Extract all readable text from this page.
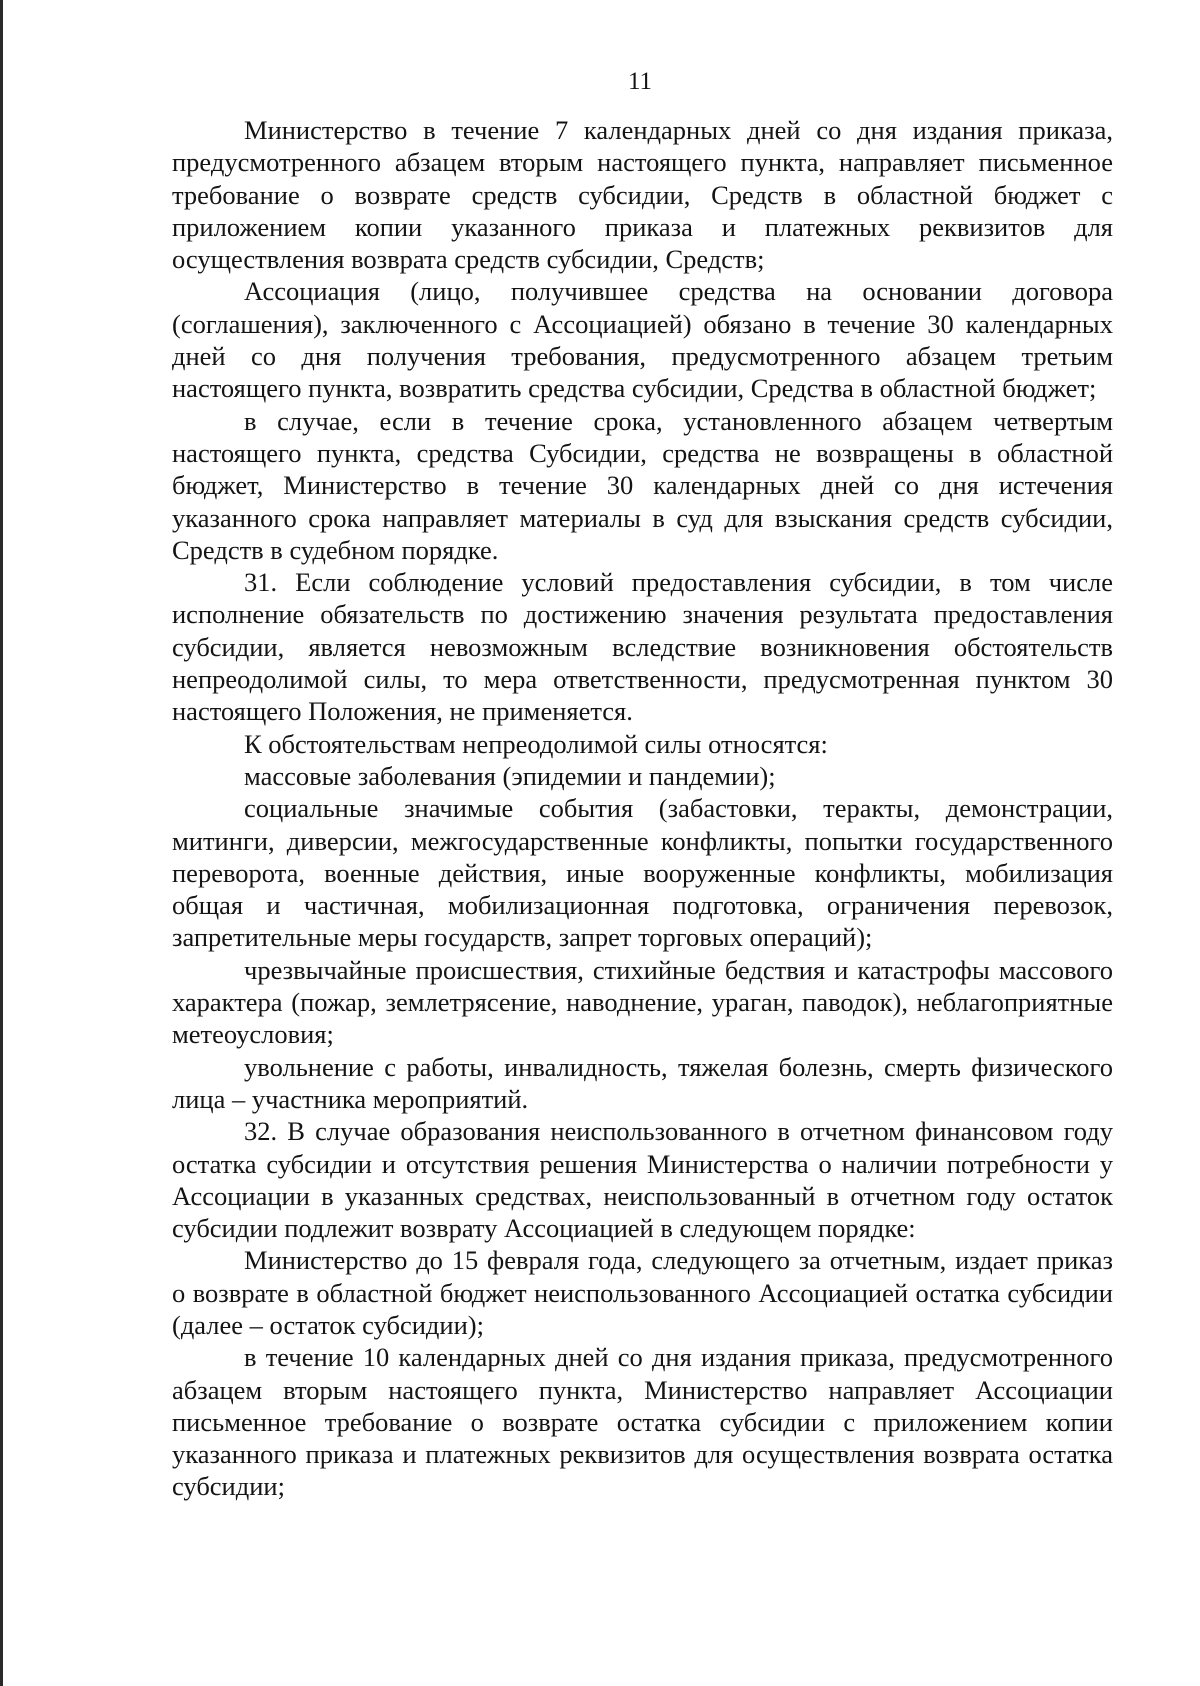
11

Министерство в течение 7 календарных дней со дня издания приказа, предусмотренного абзацем вторым настоящего пункта, направляет письменное требование о возврате средств субсидии, Средств в областной бюджет с приложением копии указанного приказа и платежных реквизитов для осуществления возврата средств субсидии, Средств;

Ассоциация (лицо, получившее средства на основании договора (соглашения), заключенного с Ассоциацией) обязано в течение 30 календарных дней со дня получения требования, предусмотренного абзацем третьим настоящего пункта, возвратить средства субсидии, Средства в областной бюджет;

в случае, если в течение срока, установленного абзацем четвертым настоящего пункта, средства Субсидии, средства не возвращены в областной бюджет, Министерство в течение 30 календарных дней со дня истечения указанного срока направляет материалы в суд для взыскания средств субсидии, Средств в судебном порядке.

31. Если соблюдение условий предоставления субсидии, в том числе исполнение обязательств по достижению значения результата предоставления субсидии, является невозможным вследствие возникновения обстоятельств непреодолимой силы, то мера ответственности, предусмотренная пунктом 30 настоящего Положения, не применяется.

К обстоятельствам непреодолимой силы относятся:

массовые заболевания (эпидемии и пандемии);

социальные значимые события (забастовки, теракты, демонстрации, митинги, диверсии, межгосударственные конфликты, попытки государственного переворота, военные действия, иные вооруженные конфликты, мобилизация общая и частичная, мобилизационная подготовка, ограничения перевозок, запретительные меры государств, запрет торговых операций);

чрезвычайные происшествия, стихийные бедствия и катастрофы массового характера (пожар, землетрясение, наводнение, ураган, паводок), неблагоприятные метеоусловия;

увольнение с работы, инвалидность, тяжелая болезнь, смерть физического лица – участника мероприятий.

32. В случае образования неиспользованного в отчетном финансовом году остатка субсидии и отсутствия решения Министерства о наличии потребности у Ассоциации в указанных средствах, неиспользованный в отчетном году остаток субсидии подлежит возврату Ассоциацией в следующем порядке:

Министерство до 15 февраля года, следующего за отчетным, издает приказ о возврате в областной бюджет неиспользованного Ассоциацией остатка субсидии (далее – остаток субсидии);

в течение 10 календарных дней со дня издания приказа, предусмотренного абзацем вторым настоящего пункта, Министерство направляет Ассоциации письменное требование о возврате остатка субсидии с приложением копии указанного приказа и платежных реквизитов для осуществления возврата остатка субсидии;
